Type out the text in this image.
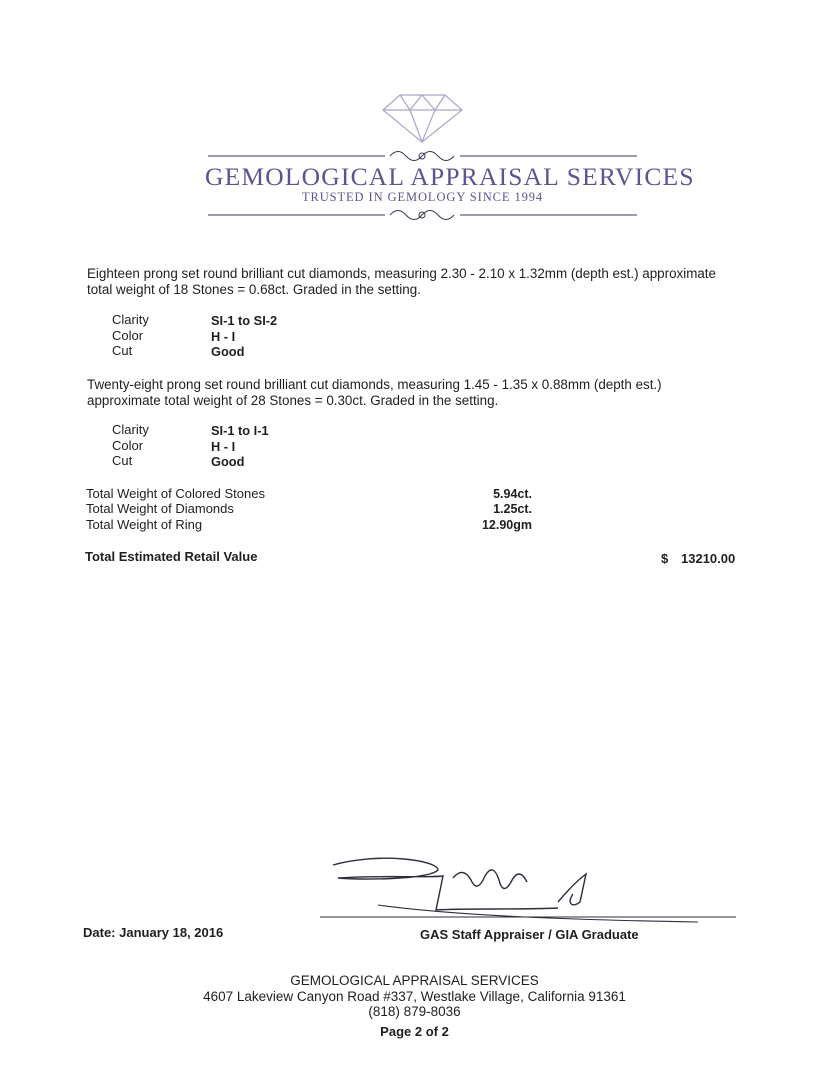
GEMOLOGICAL APPRAISAL SERVICES
TRUSTED IN GEMOLOGY SINCE 1994
Eighteen prong set round brilliant cut diamonds, measuring 2.30 - 2.10 x 1.32mm (depth est.) approximate
total weight of 18 Stones = 0.68ct. Graded in the setting.
Clarity	SI-1 to SI-2
Color	H - I
Cut	Good
Twenty-eight prong set round brilliant cut diamonds, measuring 1.45 - 1.35 x 0.88mm (depth est.)
approximate total weight of 28 Stones = 0.30ct. Graded in the setting.
Clarity	SI-1 to I-1
Color	H - I
Cut	Good
Total Weight of Colored Stones	5.94ct.
Total Weight of Diamonds	1.25ct.
Total Weight of Ring	12.90gm
Total Estimated Retail Value	$ 13210.00
Date: January 18, 2016	GAS Staff Appraiser / GIA Graduate
GEMOLOGICAL APPRAISAL SERVICES
4607 Lakeview Canyon Road #337, Westlake Village, California 91361
(818) 879-8036
Page 2 of 2
